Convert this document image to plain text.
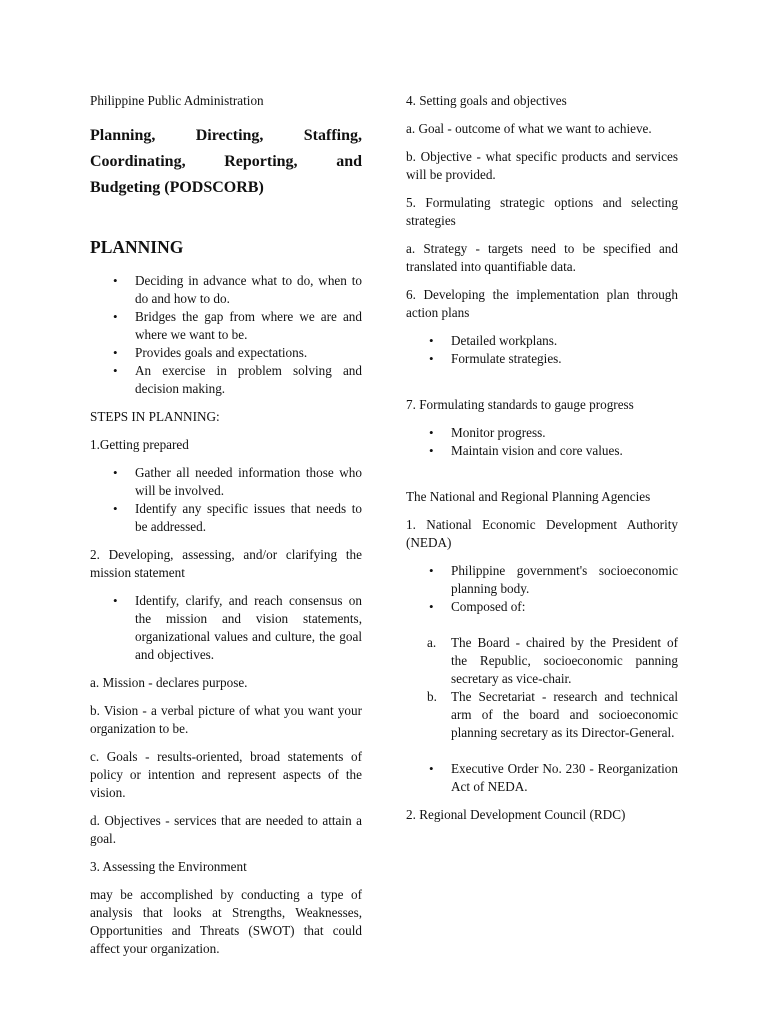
Philippine Public Administration

Planning, Directing, Staffing, Coordinating, Reporting, and Budgeting (PODSCORB)
PLANNING
• Deciding in advance what to do, when to do and how to do.
• Bridges the gap from where we are and where we want to be.
• Provides goals and expectations.
• An exercise in problem solving and decision making.

STEPS IN PLANNING:

1.Getting prepared

• Gather all needed information those who will be involved.
• Identify any specific issues that needs to be addressed.

2. Developing, assessing, and/or clarifying the mission statement

• Identify, clarify, and reach consensus on the mission and vision statements, organizational values and culture, the goal and objectives.

a. Mission - declares purpose.

b. Vision - a verbal picture of what you want your organization to be.

c. Goals - results-oriented, broad statements of policy or intention and represent aspects of the vision.

d. Objectives - services that are needed to attain a goal.

3. Assessing the Environment

may be accomplished by conducting a type of analysis that looks at Strengths, Weaknesses, Opportunities and Threats (SWOT) that could affect your organization.

4. Setting goals and objectives

a. Goal - outcome of what we want to achieve.

b. Objective - what specific products and services will be provided.

5. Formulating strategic options and selecting strategies

a. Strategy - targets need to be specified and translated into quantifiable data.

6. Developing the implementation plan through action plans

• Detailed workplans.
• Formulate strategies.

7. Formulating standards to gauge progress

• Monitor progress.
• Maintain vision and core values.

The National and Regional Planning Agencies

1. National Economic Development Authority (NEDA)

• Philippine government's socioeconomic planning body.
• Composed of:
a. The Board - chaired by the President of the Republic, socioeconomic panning secretary as vice-chair.
b. The Secretariat - research and technical arm of the board and socioeconomic planning secretary as its Director-General.
• Executive Order No. 230 - Reorganization Act of NEDA.

2. Regional Development Council (RDC)
